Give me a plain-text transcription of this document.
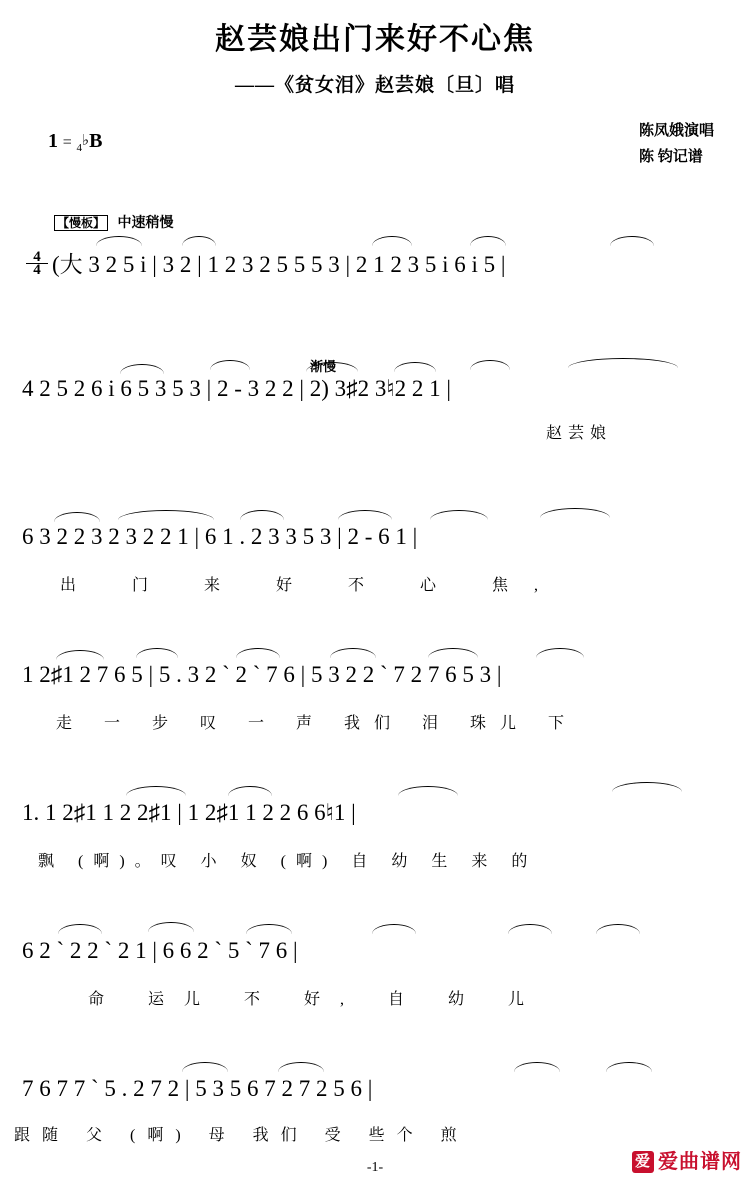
赵芸娘出门来好不心焦
——《贫女泪》赵芸娘〔旦〕唱
陈凤娥演唱
陈 钧记谱
1 = $_4$♭B
【慢板】 中速稍慢

$\frac{4}{4}$ (大 3 2 5 i | 3 2 | 1 2 3 2 5 5 5 3 | 2 1 2 3 5 i 6 i 5 |
渐慢
4 2 5 2 6 i 6 5 3 5 3 | 2 - 3 2 2 | 2) 3♯2 3♮2 2 1 |
赵 芸 娘
6 3 2 2 3 2 3 2 2 1 | 6 1 . 2 3 3 5 3 | 2 - 6 1 |
出 门 来 好 不 心 焦,
1 2♯1 2 7 6 5 | 5 . 3 2 ` 2 ` 7 6 | 5 3 2 2 ` 7 2 7 6 5 3 |
走 一 步 叹 一 声 我们 泪 珠儿 下
1. 1 2♯1 1 2 2♯1 | 1 2♯1 1 2 2 6 6♮1 |
飘 (啊)。叹 小 奴 (啊) 自 幼 生 来 的
6 2 ` 2 2 ` 2 1 | 6 6 2 ` 5 ` 7 6 |
命 运儿 不 好, 自 幼 儿
7 6 7 7 ` 5 . 2 7 2 | 5 3 5 6 7 2 7 2 5 6 |
跟随 父 (啊) 母 我们 受 些个 煎
-1-	爱 爱曲谱网
